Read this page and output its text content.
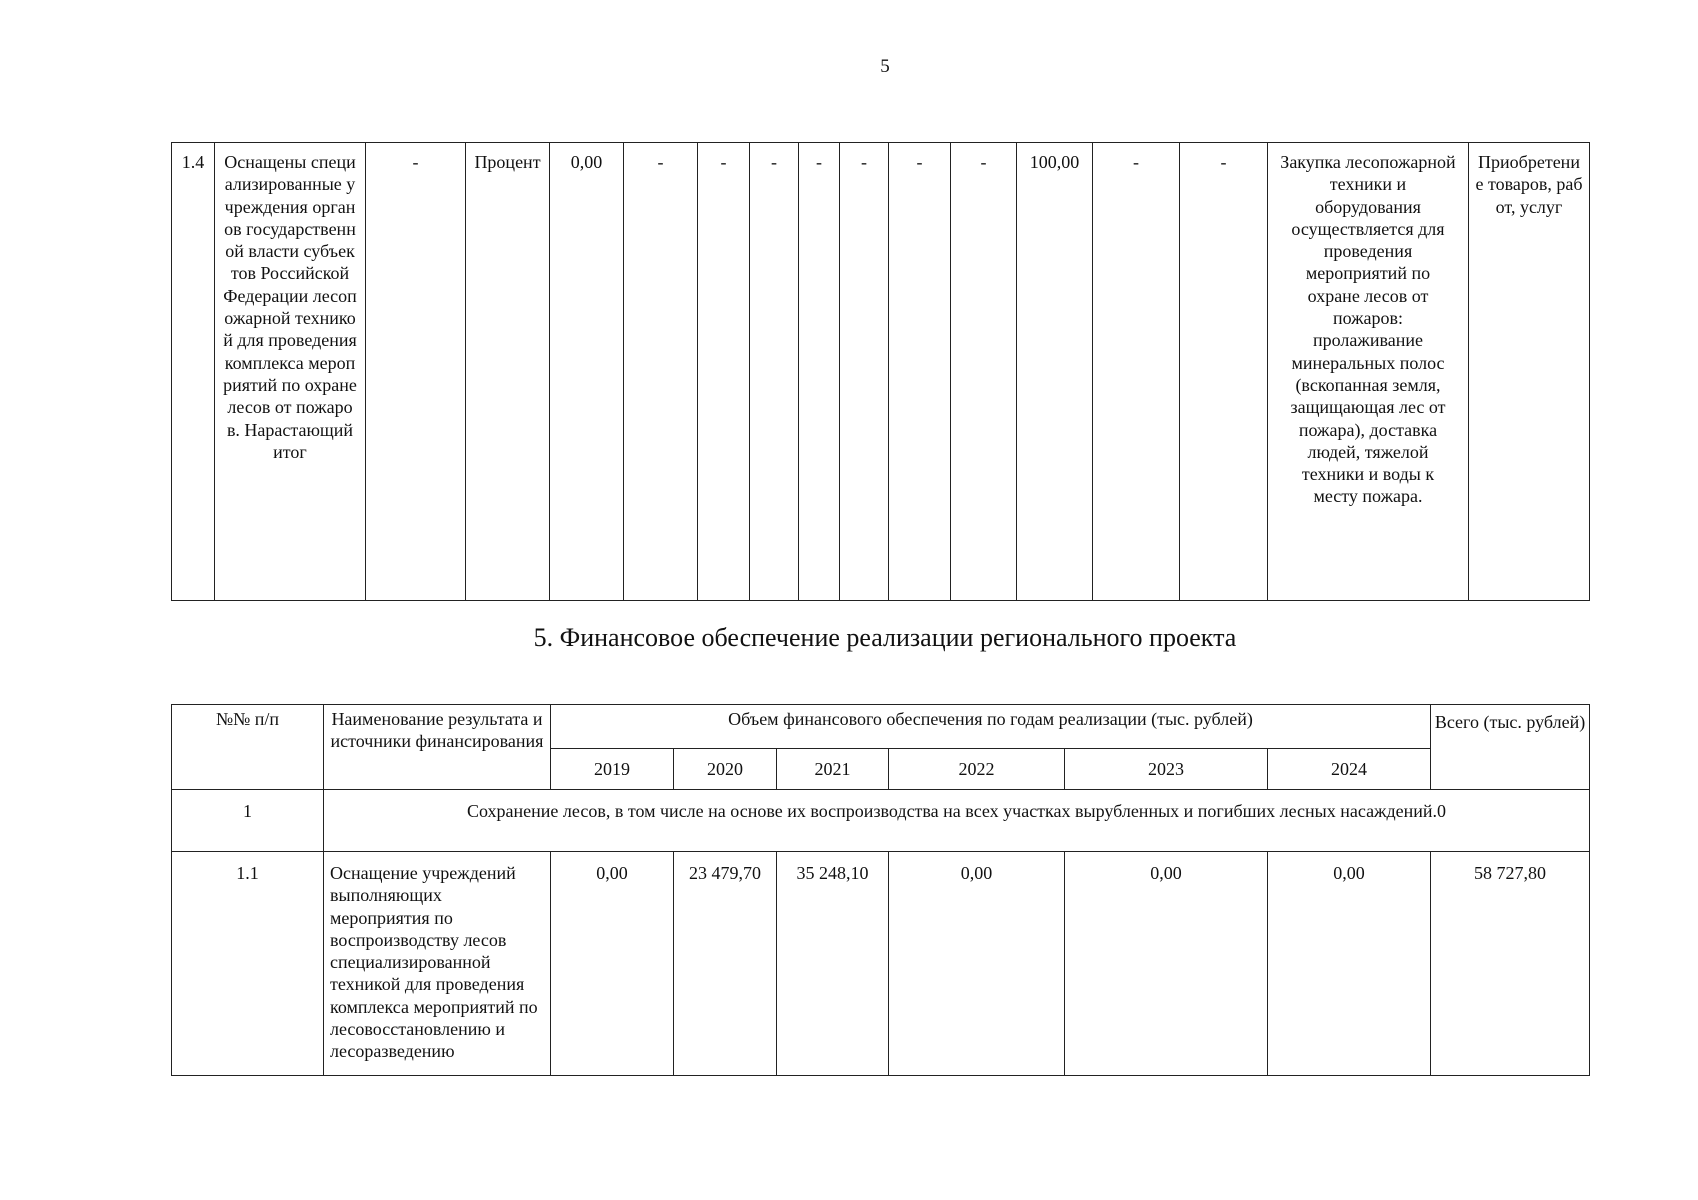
5
1.4	Оснащены специализированные учреждения органов государственной власти субъектов Российской Федерации лесопожарной техникой для проведения комплекса мероприятий по охране лесов от пожаров. Нарастающий итог	-	Процент	0,00	-	-	-	-	-	-	-	100,00	-	-	Закупка лесопожарной техники и оборудования осуществляется для проведения мероприятий по охране лесов от пожаров: пролаживание минеральных полос (вскопанная земля, защищающая лес от пожара), доставка людей, тяжелой техники и воды к месту пожара.	Приобретение товаров, работ, услуг
5. Финансовое обеспечение реализации регионального проекта
№№ п/п	Наименование результата и источники финансирования	Объем финансового обеспечения по годам реализации (тыс. рублей)						Всего (тыс. рублей)
		2019	2020	2021	2022	2023	2024	
1	Сохранение лесов, в том числе на основе их воспроизводства на всех участках вырубленных и погибших лесных насаждений.0							
1.1	Оснащение учреждений выполняющих мероприятия по воспроизводству лесов специализированной техникой для проведения комплекса мероприятий по лесовосстановлению и лесоразведению	0,00	23 479,70	35 248,10	0,00	0,00	0,00	58 727,80
